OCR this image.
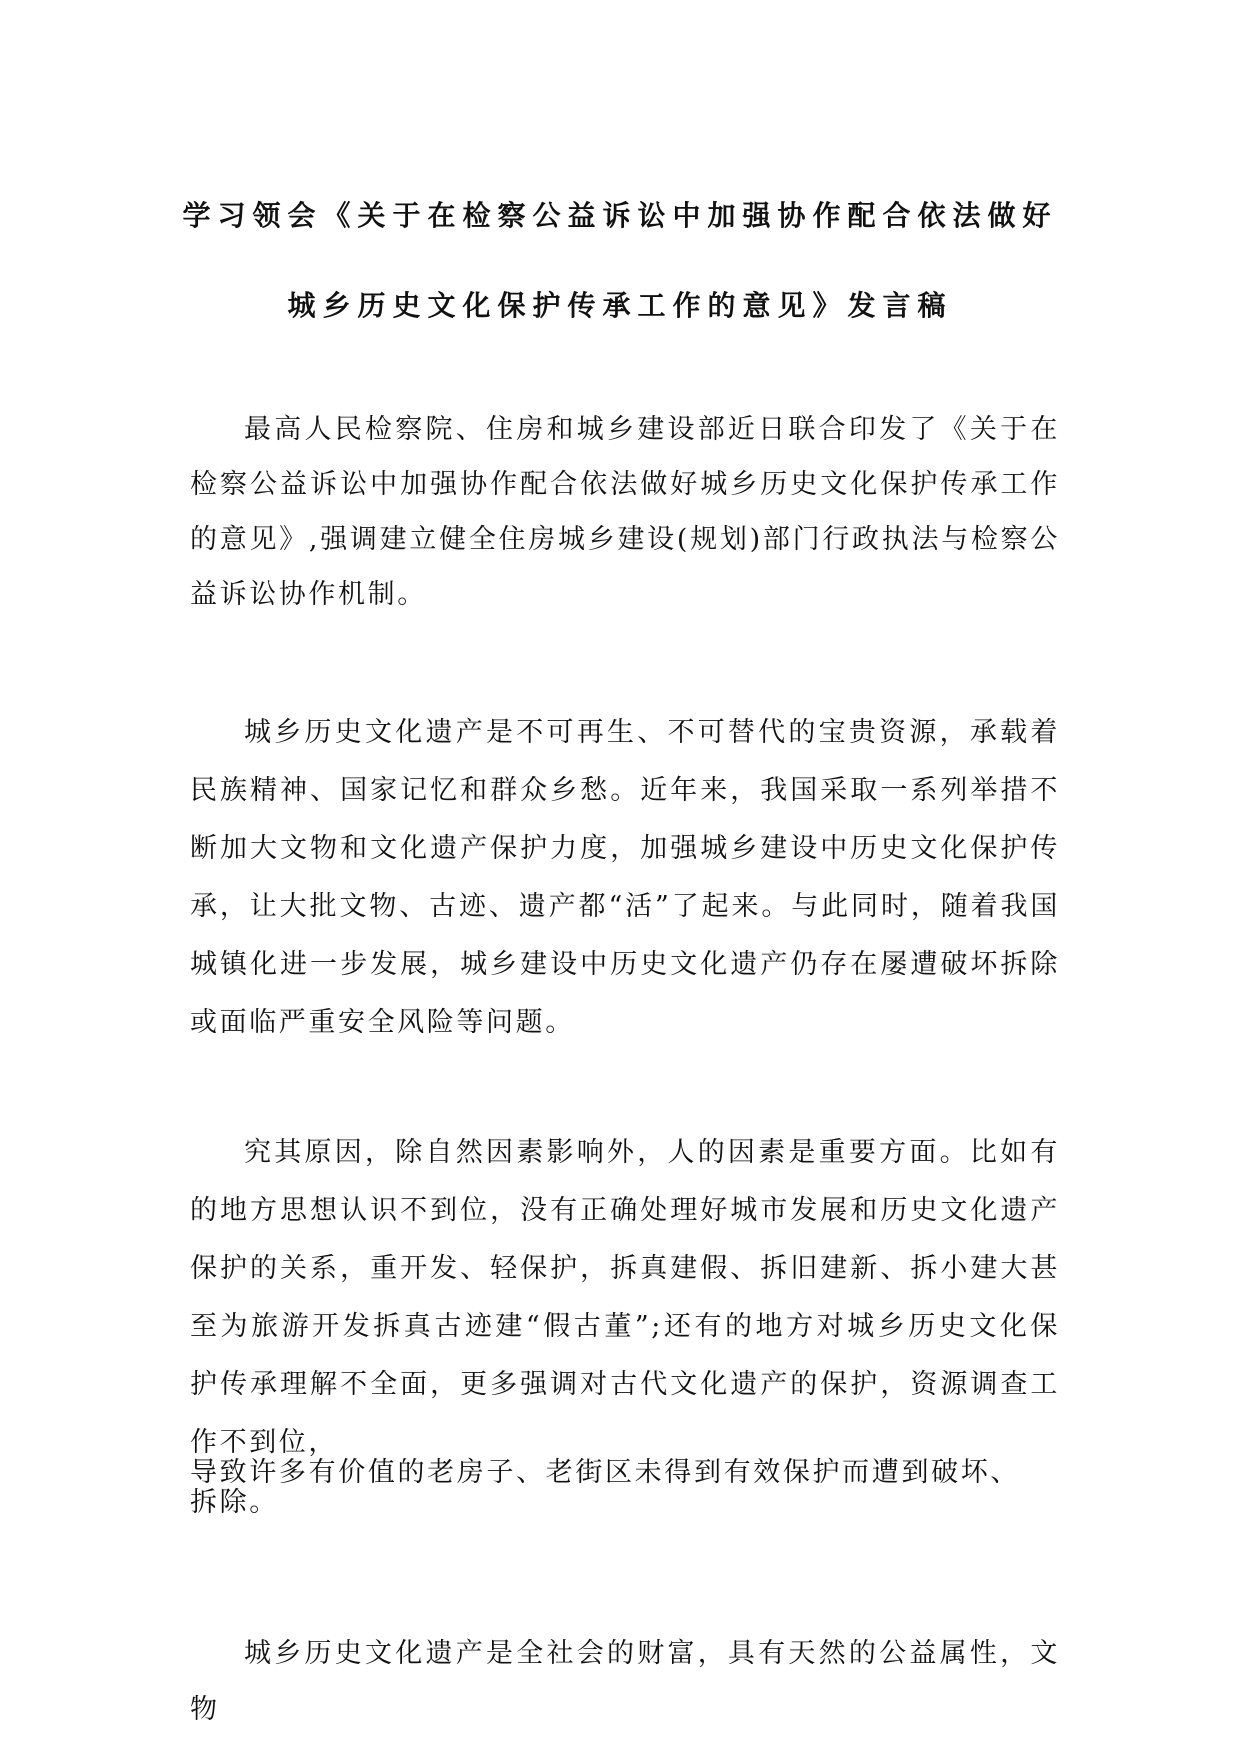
学习领会《关于在检察公益诉讼中加强协作配合依法做好
城乡历史文化保护传承工作的意见》发言稿
最高人民检察院、住房和城乡建设部近日联合印发了《关于在检察公益诉讼中加强协作配合依法做好城乡历史文化保护传承工作的意见》,强调建立健全住房城乡建设(规划)部门行政执法与检察公益诉讼协作机制。
城乡历史文化遗产是不可再生、不可替代的宝贵资源，承载着民族精神、国家记忆和群众乡愁。近年来，我国采取一系列举措不断加大文物和文化遗产保护力度，加强城乡建设中历史文化保护传承，让大批文物、古迹、遗产都“活”了起来。与此同时，随着我国城镇化进一步发展，城乡建设中历史文化遗产仍存在屡遭破坏拆除或面临严重安全风险等问题。
究其原因，除自然因素影响外，人的因素是重要方面。比如有的地方思想认识不到位，没有正确处理好城市发展和历史文化遗产保护的关系，重开发、轻保护，拆真建假、拆旧建新、拆小建大甚至为旅游开发拆真古迹建“假古董”;还有的地方对城乡历史文化保护传承理解不全面，更多强调对古代文化遗产的保护，资源调查工作不到位，
导致许多有价值的老房子、老街区未得到有效保护而遭到破坏、拆除。
城乡历史文化遗产是全社会的财富，具有天然的公益属性，文物
